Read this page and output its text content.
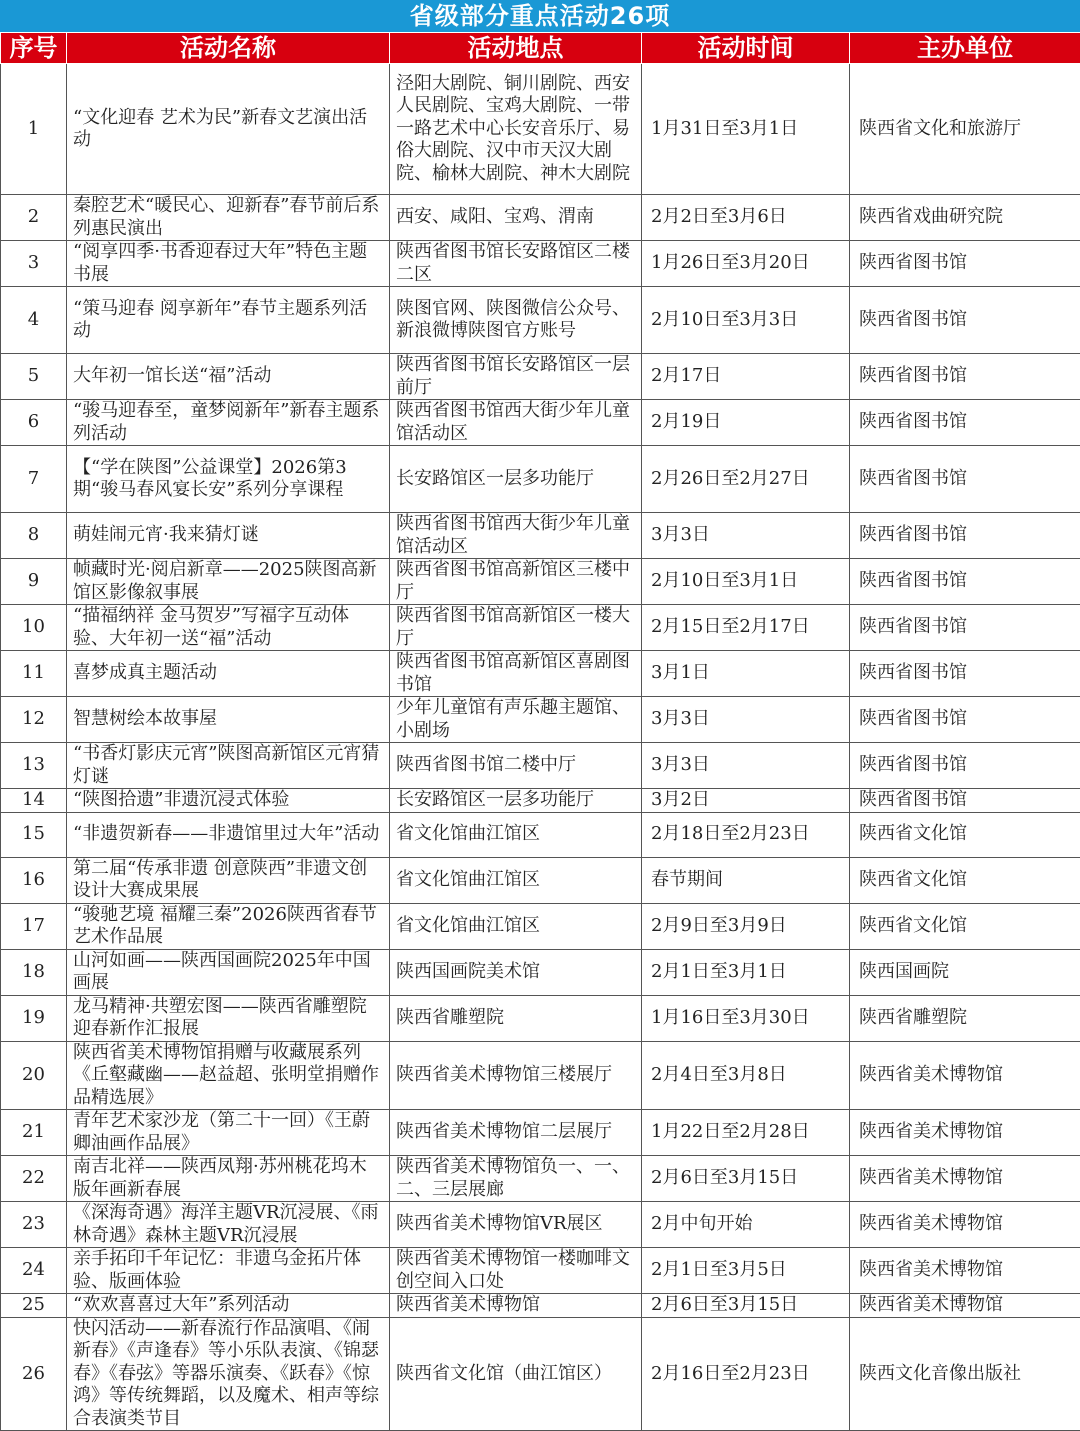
省级部分重点活动26项
序号	活动名称	活动地点	活动时间	主办单位
1	“文化迎春 艺术为民”新春文艺演出活动	泾阳大剧院、铜川剧院、西安人民剧院、宝鸡大剧院、一带一路艺术中心长安音乐厅、易俗大剧院、汉中市天汉大剧院、榆林大剧院、神木大剧院	1月31日至3月1日	陕西省文化和旅游厅
2	秦腔艺术“暖民心、迎新春”春节前后系列惠民演出	西安、咸阳、宝鸡、渭南	2月2日至3月6日	陕西省戏曲研究院
3	“阅享四季·书香迎春过大年”特色主题书展	陕西省图书馆长安路馆区二楼二区	1月26日至3月20日	陕西省图书馆
4	“策马迎春 阅享新年”春节主题系列活动	陕图官网、陕图微信公众号、新浪微博陕图官方账号	2月10日至3月3日	陕西省图书馆
5	大年初一馆长送“福”活动	陕西省图书馆长安路馆区一层前厅	2月17日	陕西省图书馆
6	“骏马迎春至，童梦阅新年”新春主题系列活动	陕西省图书馆西大街少年儿童馆活动区	2月19日	陕西省图书馆
7	【“学在陕图”公益课堂】2026第3期“骏马春风宴长安”系列分享课程	长安路馆区一层多功能厅	2月26日至2月27日	陕西省图书馆
8	萌娃闹元宵·我来猜灯谜	陕西省图书馆西大街少年儿童馆活动区	3月3日	陕西省图书馆
9	帧藏时光·阅启新章——2025陕图高新馆区影像叙事展	陕西省图书馆高新馆区三楼中厅	2月10日至3月1日	陕西省图书馆
10	“描福纳祥 金马贺岁”写福字互动体验、大年初一送“福”活动	陕西省图书馆高新馆区一楼大厅	2月15日至2月17日	陕西省图书馆
11	喜梦成真主题活动	陕西省图书馆高新馆区喜剧图书馆	3月1日	陕西省图书馆
12	智慧树绘本故事屋	少年儿童馆有声乐趣主题馆、小剧场	3月3日	陕西省图书馆
13	“书香灯影庆元宵”陕图高新馆区元宵猜灯谜	陕西省图书馆二楼中厅	3月3日	陕西省图书馆
14	“陕图拾遗”非遗沉浸式体验	长安路馆区一层多功能厅	3月2日	陕西省图书馆
15	“非遗贺新春——非遗馆里过大年”活动	省文化馆曲江馆区	2月18日至2月23日	陕西省文化馆
16	第二届“传承非遗 创意陕西”非遗文创设计大赛成果展	省文化馆曲江馆区	春节期间	陕西省文化馆
17	“骏驰艺境 福耀三秦”2026陕西省春节艺术作品展	省文化馆曲江馆区	2月9日至3月9日	陕西省文化馆
18	山河如画——陕西国画院2025年中国画展	陕西国画院美术馆	2月1日至3月1日	陕西国画院
19	龙马精神·共塑宏图——陕西省雕塑院迎春新作汇报展	陕西省雕塑院	1月16日至3月30日	陕西省雕塑院
20	陕西省美术博物馆捐赠与收藏展系列《丘壑藏幽——赵益超、张明堂捐赠作品精选展》	陕西省美术博物馆三楼展厅	2月4日至3月8日	陕西省美术博物馆
21	青年艺术家沙龙（第二十一回）《王蔚卿油画作品展》	陕西省美术博物馆二层展厅	1月22日至2月28日	陕西省美术博物馆
22	南吉北祥——陕西凤翔·苏州桃花坞木版年画新春展	陕西省美术博物馆负一、一、二、三层展廊	2月6日至3月15日	陕西省美术博物馆
23	《深海奇遇》海洋主题VR沉浸展、《雨林奇遇》森林主题VR沉浸展	陕西省美术博物馆VR展区	2月中旬开始	陕西省美术博物馆
24	亲手拓印千年记忆：非遗乌金拓片体验、版画体验	陕西省美术博物馆一楼咖啡文创空间入口处	2月1日至3月5日	陕西省美术博物馆
25	“欢欢喜喜过大年”系列活动	陕西省美术博物馆	2月6日至3月15日	陕西省美术博物馆
26	快闪活动——新春流行作品演唱、《闹新春》《声逢春》等小乐队表演、《锦瑟春》《春弦》等器乐演奏、《跃春》《惊鸿》等传统舞蹈，以及魔术、相声等综合表演类节目	陕西省文化馆（曲江馆区）	2月16日至2月23日	陕西文化音像出版社
